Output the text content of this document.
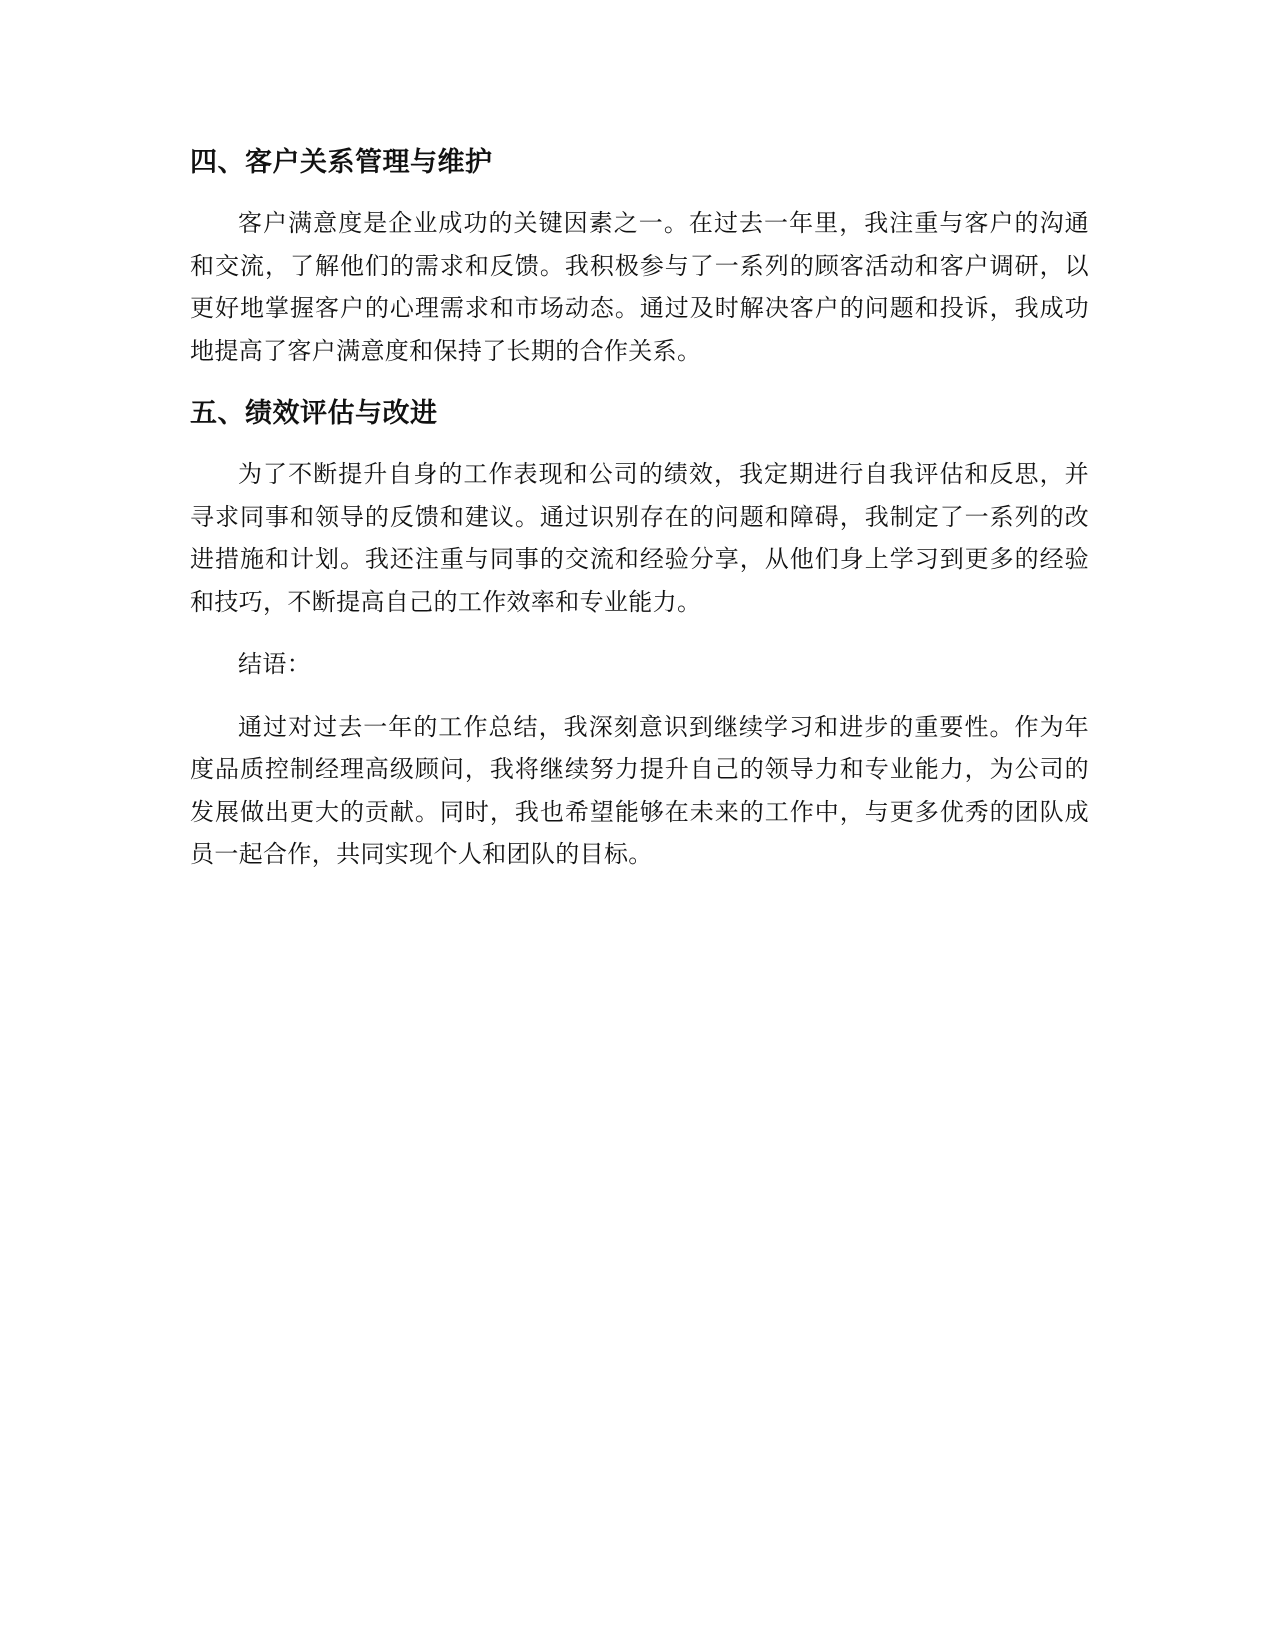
四、客户关系管理与维护

客户满意度是企业成功的关键因素之一。在过去一年里，我注重与客户的沟通和交流，了解他们的需求和反馈。我积极参与了一系列的顾客活动和客户调研，以更好地掌握客户的心理需求和市场动态。通过及时解决客户的问题和投诉，我成功地提高了客户满意度和保持了长期的合作关系。

五、绩效评估与改进

为了不断提升自身的工作表现和公司的绩效，我定期进行自我评估和反思，并寻求同事和领导的反馈和建议。通过识别存在的问题和障碍，我制定了一系列的改进措施和计划。我还注重与同事的交流和经验分享，从他们身上学习到更多的经验和技巧，不断提高自己的工作效率和专业能力。

结语：

通过对过去一年的工作总结，我深刻意识到继续学习和进步的重要性。作为年度品质控制经理高级顾问，我将继续努力提升自己的领导力和专业能力，为公司的发展做出更大的贡献。同时，我也希望能够在未来的工作中，与更多优秀的团队成员一起合作，共同实现个人和团队的目标。
